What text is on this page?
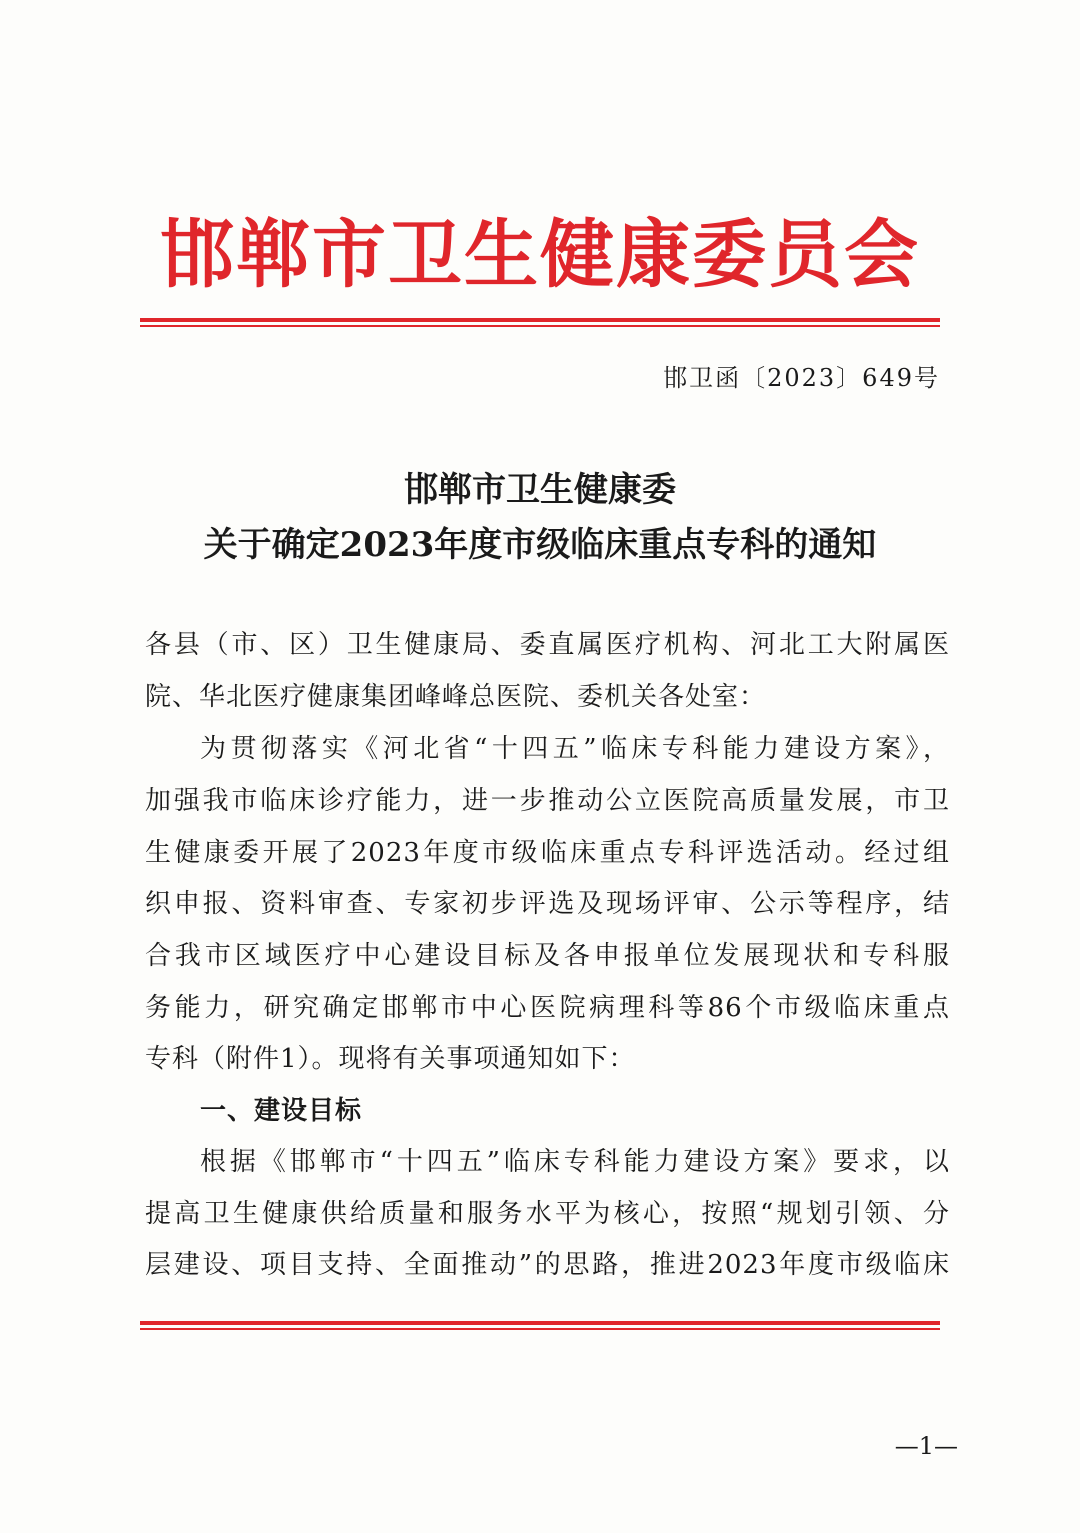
邯郸市卫生健康委员会
邯卫函〔2023〕649号
邯郸市卫生健康委
关于确定2023年度市级临床重点专科的通知
各县（市、区）卫生健康局、委直属医疗机构、河北工大附属医
院、华北医疗健康集团峰峰总医院、委机关各处室：
为贯彻落实《河北省“十四五”临床专科能力建设方案》，
加强我市临床诊疗能力，进一步推动公立医院高质量发展，市卫
生健康委开展了2023年度市级临床重点专科评选活动。经过组
织申报、资料审查、专家初步评选及现场评审、公示等程序，结
合我市区域医疗中心建设目标及各申报单位发展现状和专科服
务能力，研究确定邯郸市中心医院病理科等86个市级临床重点
专科（附件1）。现将有关事项通知如下：
一、建设目标
根据《邯郸市“十四五”临床专科能力建设方案》要求，以
提高卫生健康供给质量和服务水平为核心，按照“规划引领、分
层建设、项目支持、全面推动”的思路，推进2023年度市级临床
—1—
